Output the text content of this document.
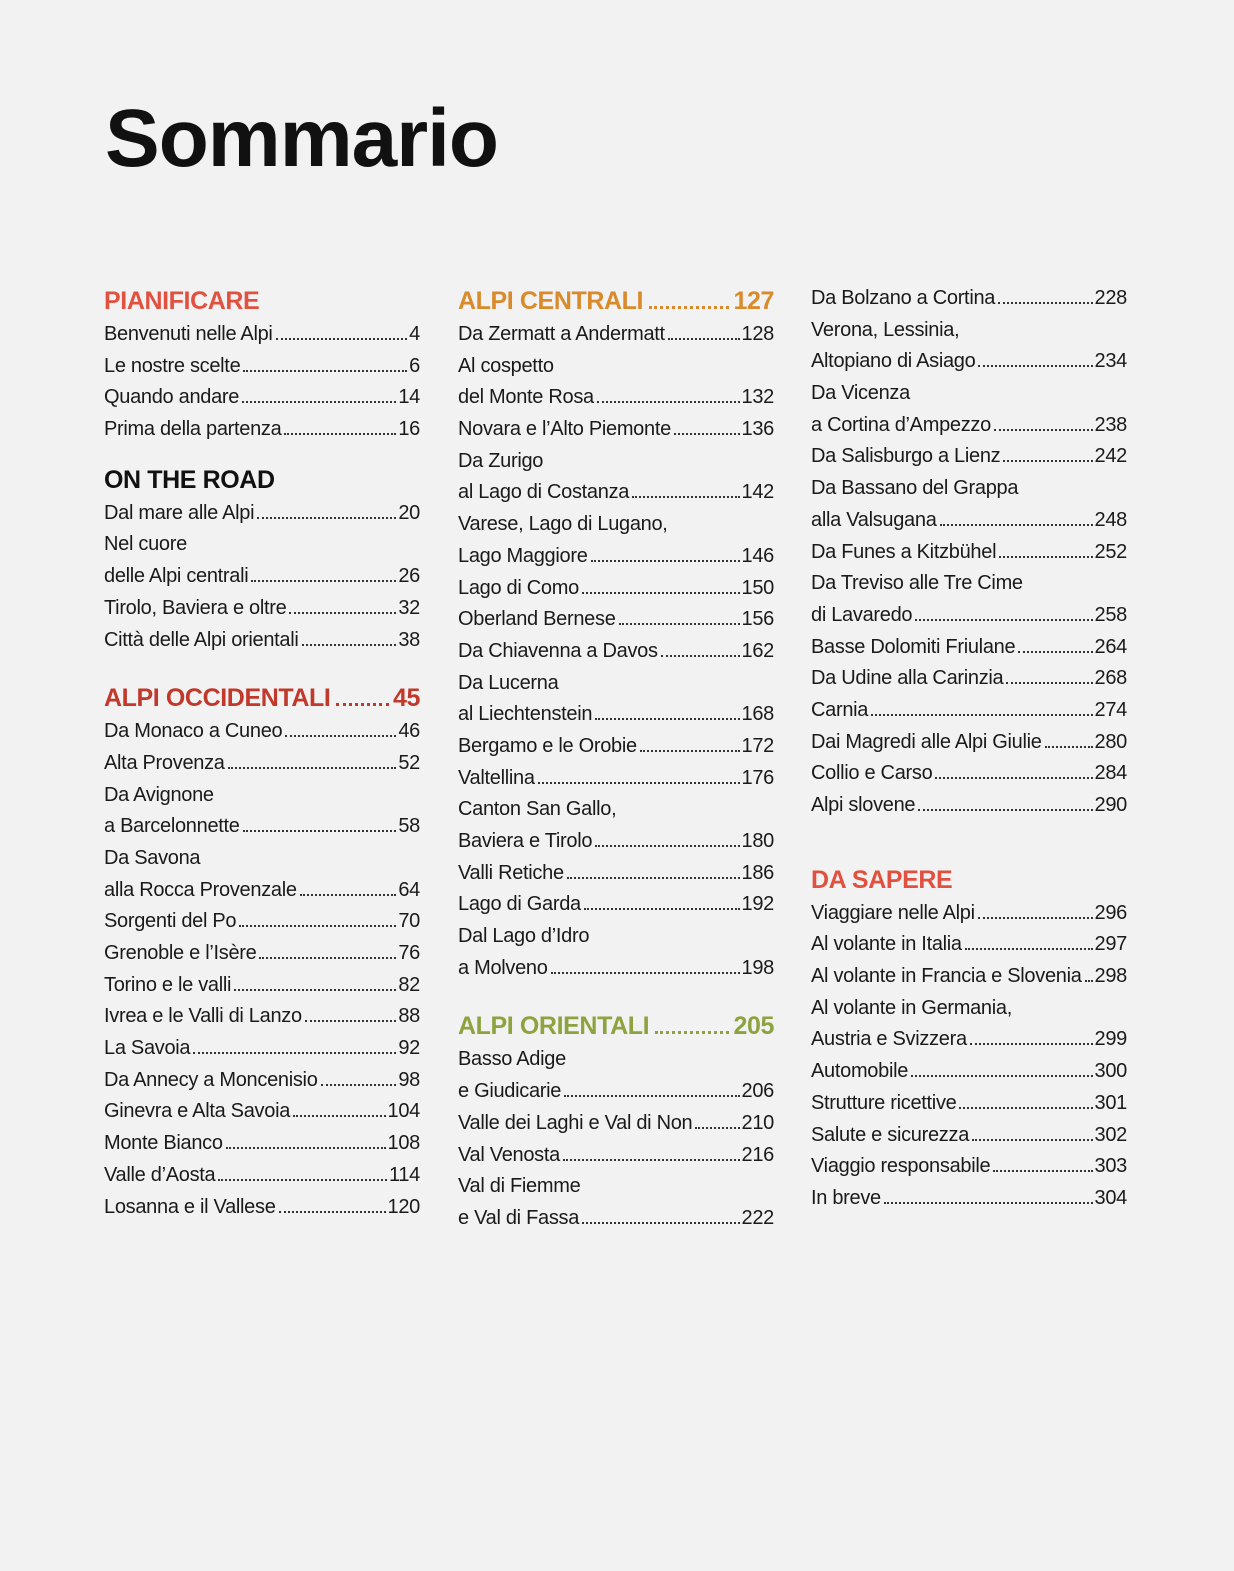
Sommario
PIANIFICARE
Benvenuti nelle Alpi	4
Le nostre scelte	6
Quando andare	14
Prima della partenza	16
ON THE ROAD
Dal mare alle Alpi	20
Nel cuore
delle Alpi centrali	26
Tirolo, Baviera e oltre	32
Città delle Alpi orientali	38
ALPI OCCIDENTALI	45
Da Monaco a Cuneo	46
Alta Provenza	52
Da Avignone
a Barcelonnette	58
Da Savona
alla Rocca Provenzale	64
Sorgenti del Po	70
Grenoble e l’Isère	76
Torino e le valli	82
Ivrea e le Valli di Lanzo	88
La Savoia	92
Da Annecy a Moncenisio	98
Ginevra e Alta Savoia	104
Monte Bianco	108
Valle d’Aosta	114
Losanna e il Vallese	120
ALPI CENTRALI	127
Da Zermatt a Andermatt	128
Al cospetto
del Monte Rosa	132
Novara e l’Alto Piemonte	136
Da Zurigo
al Lago di Costanza	142
Varese, Lago di Lugano,
Lago Maggiore	146
Lago di Como	150
Oberland Bernese	156
Da Chiavenna a Davos	162
Da Lucerna
al Liechtenstein	168
Bergamo e le Orobie	172
Valtellina	176
Canton San Gallo,
Baviera e Tirolo	180
Valli Retiche	186
Lago di Garda	192
Dal Lago d’Idro
a Molveno	198
ALPI ORIENTALI	205
Basso Adige
e Giudicarie	206
Valle dei Laghi e Val di Non 210
Val Venosta	216
Val di Fiemme
e Val di Fassa	222
Da Bolzano a Cortina	228
Verona, Lessinia,
Altopiano di Asiago	234
Da Vicenza
a Cortina d’Ampezzo	238
Da Salisburgo a Lienz	242
Da Bassano del Grappa
alla Valsugana	248
Da Funes a Kitzbühel	252
Da Treviso alle Tre Cime
di Lavaredo	258
Basse Dolomiti Friulane	264
Da Udine alla Carinzia	268
Carnia	274
Dai Magredi alle Alpi Giulie	280
Collio e Carso	284
Alpi slovene	290
DA SAPERE
Viaggiare nelle Alpi	296
Al volante in Italia	297
Al volante in Francia e Slovenia 298
Al volante in Germania,
Austria e Svizzera	299
Automobile	300
Strutture ricettive	301
Salute e sicurezza	302
Viaggio responsabile	303
In breve	304
